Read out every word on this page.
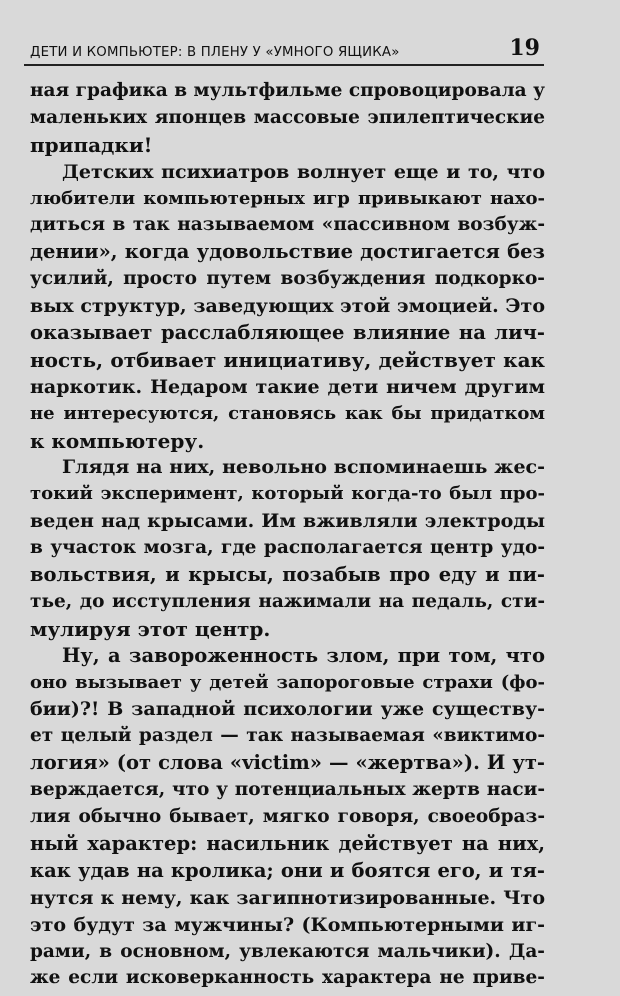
ДЕТИ И КОМПЬЮТЕР: В ПЛЕНУ У «УМНОГО ЯЩИКА»	19
ная графика в мультфильме спровоцировала у
маленьких японцев массовые эпилептические
припадки!
Детских психиатров волнует еще и то, что
любители компьютерных игр привыкают нахо-
диться в так называемом «пассивном возбуж-
дении», когда удовольствие достигается без
усилий, просто путем возбуждения подкорко-
вых структур, заведующих этой эмоцией. Это
оказывает расслабляющее влияние на лич-
ность, отбивает инициативу, действует как
наркотик. Недаром такие дети ничем другим
не интересуются, становясь как бы придатком
к компьютеру.
Глядя на них, невольно вспоминаешь жес-
токий эксперимент, который когда-то был про-
веден над крысами. Им вживляли электроды
в участок мозга, где располагается центр удо-
вольствия, и крысы, позабыв про еду и пи-
тье, до исступления нажимали на педаль, сти-
мулируя этот центр.
Ну, а завороженность злом, при том, что
оно вызывает у детей запороговые страхи (фо-
бии)?! В западной психологии уже существу-
ет целый раздел — так называемая «виктимо-
логия» (от слова «victim» — «жертва»). И ут-
верждается, что у потенциальных жертв наси-
лия обычно бывает, мягко говоря, своеобраз-
ный характер: насильник действует на них,
как удав на кролика; они и боятся его, и тя-
нутся к нему, как загипнотизированные. Что
это будут за мужчины? (Компьютерными иг-
рами, в основном, увлекаются мальчики). Да-
же если исковерканность характера не приве-
